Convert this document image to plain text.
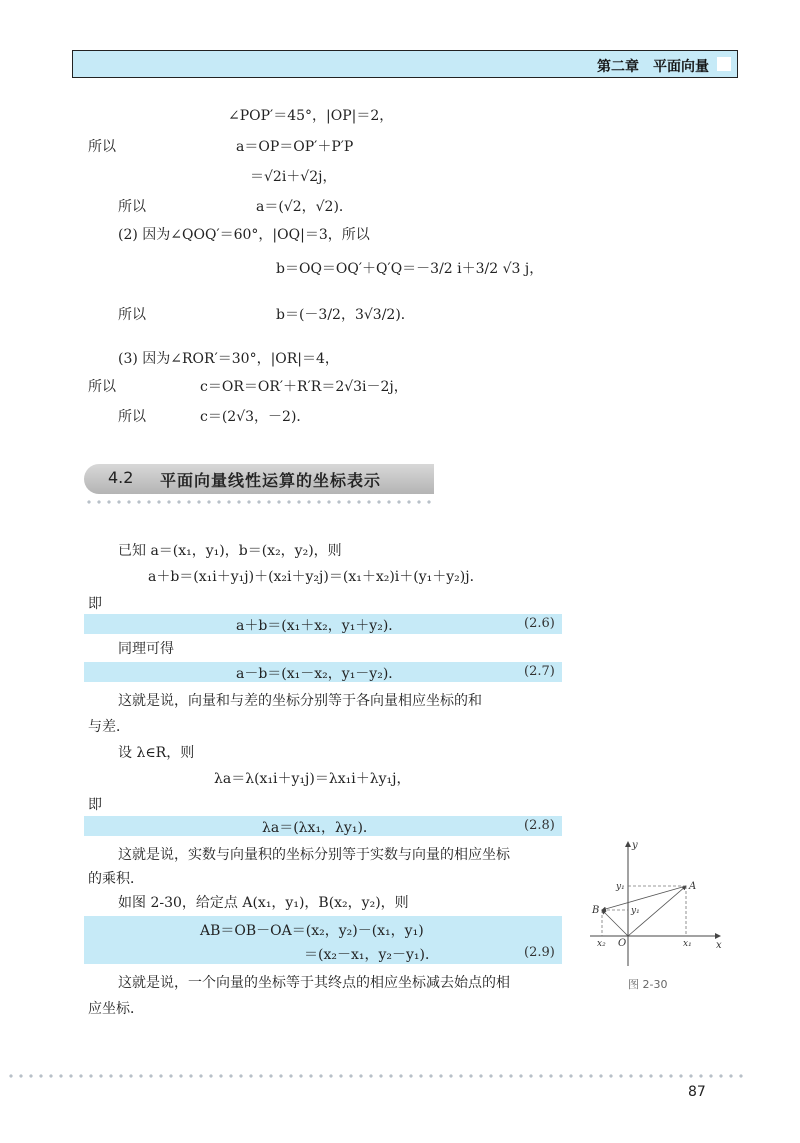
第二章　平面向量
∠POP′＝45°，|OP|＝2，
所以	a＝OP＝OP′＋P′P
＝√2i＋√2j，
所以	a＝(√2，√2)．
(2) 因为∠QOQ′＝60°，|OQ|＝3，所以
b＝OQ＝OQ′＋Q′Q＝－3/2 i＋3/2 √3 j，
所以	b＝(－3/2，3√3/2)．
(3) 因为∠ROR′＝30°，|OR|＝4，
所以	c＝OR＝OR′＋R′R＝2√3i－2j，
所以	c＝(2√3，－2)．
4.2 平面向量线性运算的坐标表示
已知 a＝(x₁，y₁)，b＝(x₂，y₂)，则
a＋b＝(x₁i＋y₁j)＋(x₂i＋y₂j)＝(x₁＋x₂)i＋(y₁＋y₂)j．
即
a＋b＝(x₁＋x₂，y₁＋y₂)．	(2.6)
同理可得
a－b＝(x₁－x₂，y₁－y₂)．	(2.7)
这就是说，向量和与差的坐标分别等于各向量相应坐标的和
与差．
设 λ∈R，则
λa＝λ(x₁i＋y₁j)＝λx₁i＋λy₁j，
即
λa＝(λx₁，λy₁)．	(2.8)
这就是说，实数与向量积的坐标分别等于实数与向量的相应坐标
的乘积．
如图 2-30，给定点 A(x₁，y₁)，B(x₂，y₂)，则
AB＝OB－OA＝(x₂，y₂)－(x₁，y₁)
＝(x₂－x₁，y₂－y₁)．	(2.9)
这就是说，一个向量的坐标等于其终点的相应坐标减去始点的相
应坐标．
y
x
A
B
O
y₁
y₁
x₁
x₂
图 2-30
87
